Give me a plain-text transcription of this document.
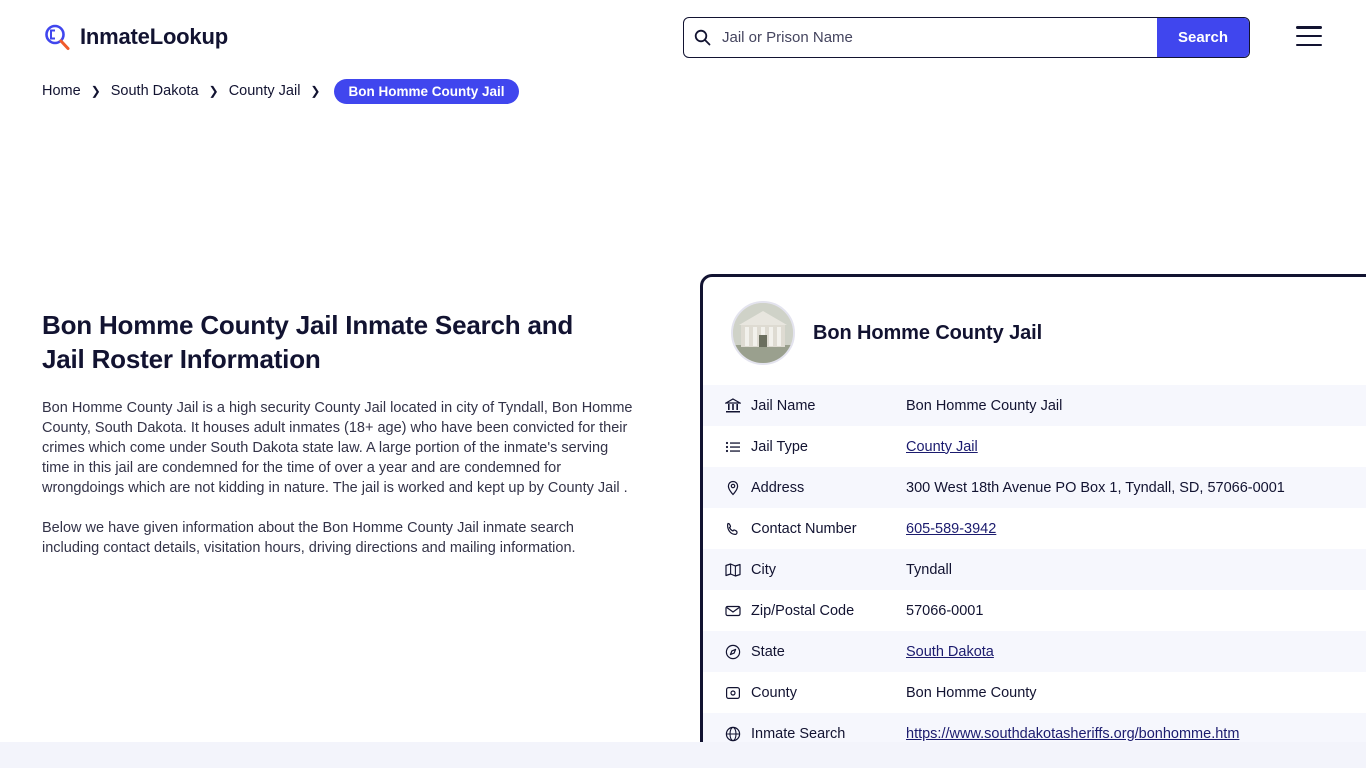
InmateLookup
Jail or Prison Name	Search
Home ❯ South Dakota ❯ County Jail ❯	Bon Homme County Jail
Bon Homme County Jail Inmate Search and Jail Roster Information

Bon Homme County Jail is a high security County Jail located in city of Tyndall, Bon Homme County, South Dakota. It houses adult inmates (18+ age) who have been convicted for their crimes which come under South Dakota state law. A large portion of the inmate's serving time in this jail are condemned for the time of over a year and are condemned for wrongdoings which are not kidding in nature. The jail is worked and kept up by County Jail .

Below we have given information about the Bon Homme County Jail inmate search including contact details, visitation hours, driving directions and mailing information.

Bon Homme County Jail
Jail Name	Bon Homme County Jail
Jail Type	County Jail
Address	300 West 18th Avenue PO Box 1, Tyndall, SD, 57066-0001
Contact Number	605-589-3942
City	Tyndall
Zip/Postal Code	57066-0001
State	South Dakota
County	Bon Homme County
Inmate Search	https://www.southdakotasheriffs.org/bonhomme.htm
